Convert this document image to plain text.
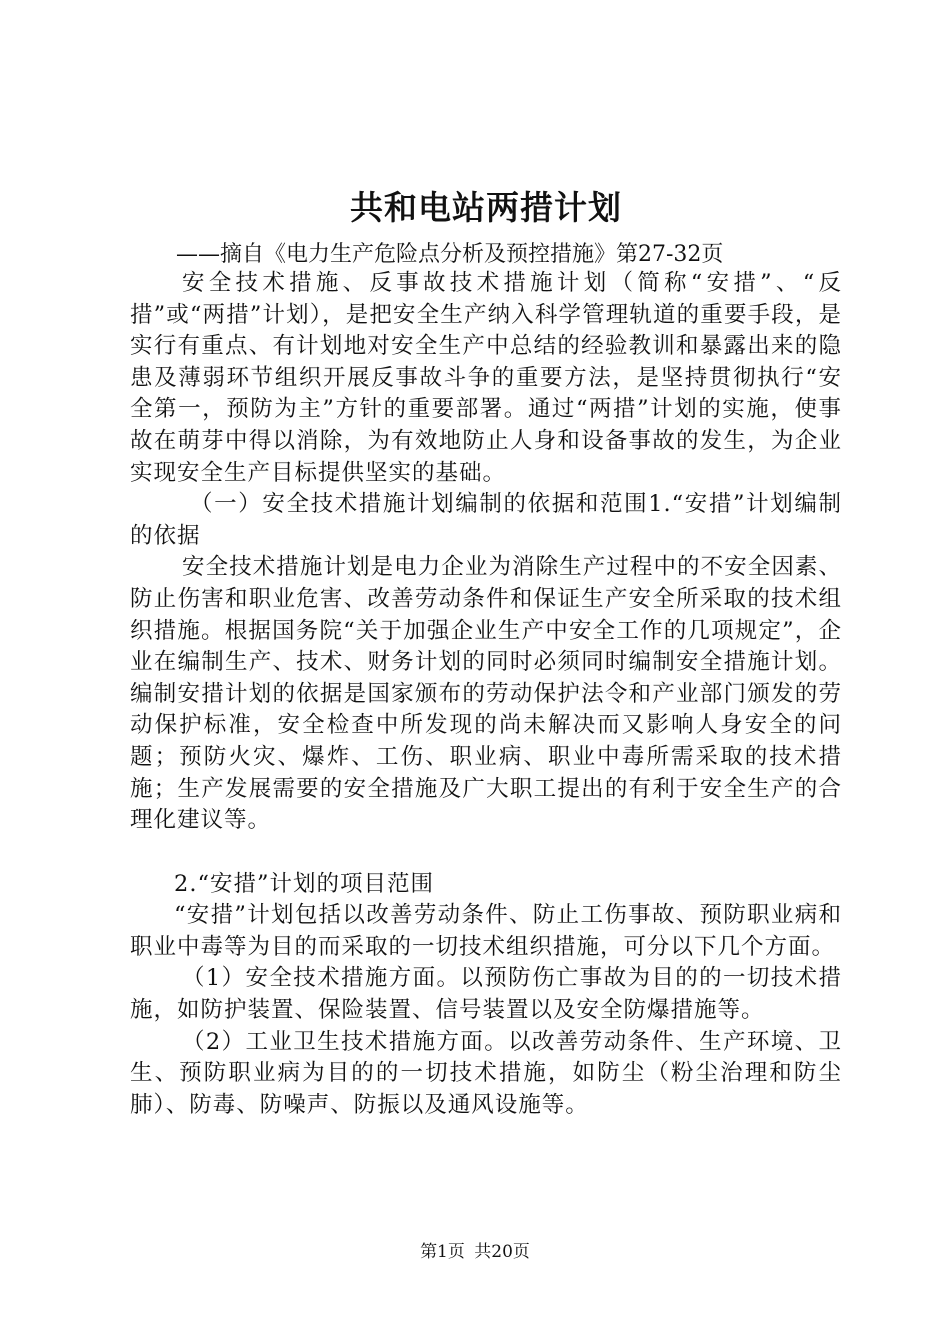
共和电站两措计划
——摘自《电力生产危险点分析及预控措施》第27-32页

安全技术措施、反事故技术措施计划（简称“安措”、“反措”或“两措”计划），是把安全生产纳入科学管理轨道的重要手段，是实行有重点、有计划地对安全生产中总结的经验教训和暴露出来的隐患及薄弱环节组织开展反事故斗争的重要方法，是坚持贯彻执行“安全第一，预防为主”方针的重要部署。通过“两措”计划的实施，使事故在萌芽中得以消除，为有效地防止人身和设备事故的发生，为企业实现安全生产目标提供坚实的基础。

（一）安全技术措施计划编制的依据和范围1.“安措”计划编制的依据

安全技术措施计划是电力企业为消除生产过程中的不安全因素、防止伤害和职业危害、改善劳动条件和保证生产安全所采取的技术组织措施。根据国务院“关于加强企业生产中安全工作的几项规定”，企业在编制生产、技术、财务计划的同时必须同时编制安全措施计划。编制安措计划的依据是国家颁布的劳动保护法令和产业部门颁发的劳动保护标准，安全检查中所发现的尚未解决而又影响人身安全的问题；预防火灾、爆炸、工伤、职业病、职业中毒所需采取的技术措施；生产发展需要的安全措施及广大职工提出的有利于安全生产的合理化建议等。

2.“安措”计划的项目范围

“安措”计划包括以改善劳动条件、防止工伤事故、预防职业病和职业中毒等为目的而采取的一切技术组织措施，可分以下几个方面。

（1）安全技术措施方面。以预防伤亡事故为目的的一切技术措施，如防护装置、保险装置、信号装置以及安全防爆措施等。

（2）工业卫生技术措施方面。以改善劳动条件、生产环境、卫生、预防职业病为目的的一切技术措施，如防尘（粉尘治理和防尘肺）、防毒、防噪声、防振以及通风设施等。

第1页 共20页
